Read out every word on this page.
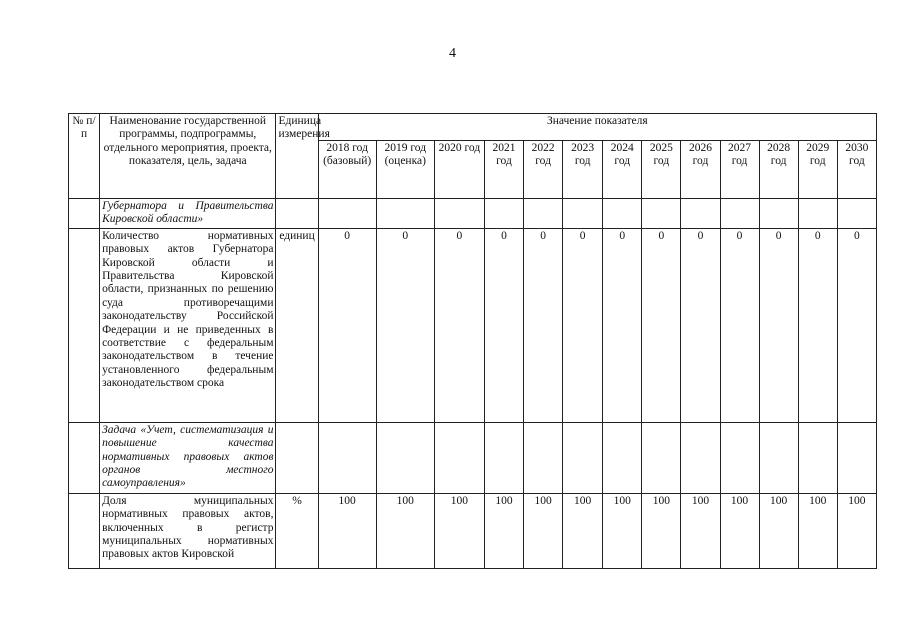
4
№ п/п	Наименование государственной программы, подпрограммы, отдельного мероприятия, проекта, показателя, цель, задача	Единица измерения	Значение показателя												
			2018 год (базовый)	2019 год (оценка)	2020 год	2021 год	2022 год	2023 год	2024 год	2025 год	2026 год	2027 год	2028 год	2029 год	2030 год
	Губернатора и Правительства Кировской области»														
	Количество нормативных правовых актов Губернатора Кировской области и Правительства Кировской области, признанных по решению суда противоречащими законодательству Российской Федерации и не приведенных в соответствие с федеральным законодательством в течение установленного федеральным законодательством срока	единиц	0	0	0	0	0	0	0	0	0	0	0	0	0
	Задача «Учет, систематизация и повышение качества нормативных правовых актов органов местного самоуправления»														
	Доля муниципальных нормативных правовых актов, включенных в регистр муниципальных нормативных правовых актов Кировской	%	100	100	100	100	100	100	100	100	100	100	100	100	100
